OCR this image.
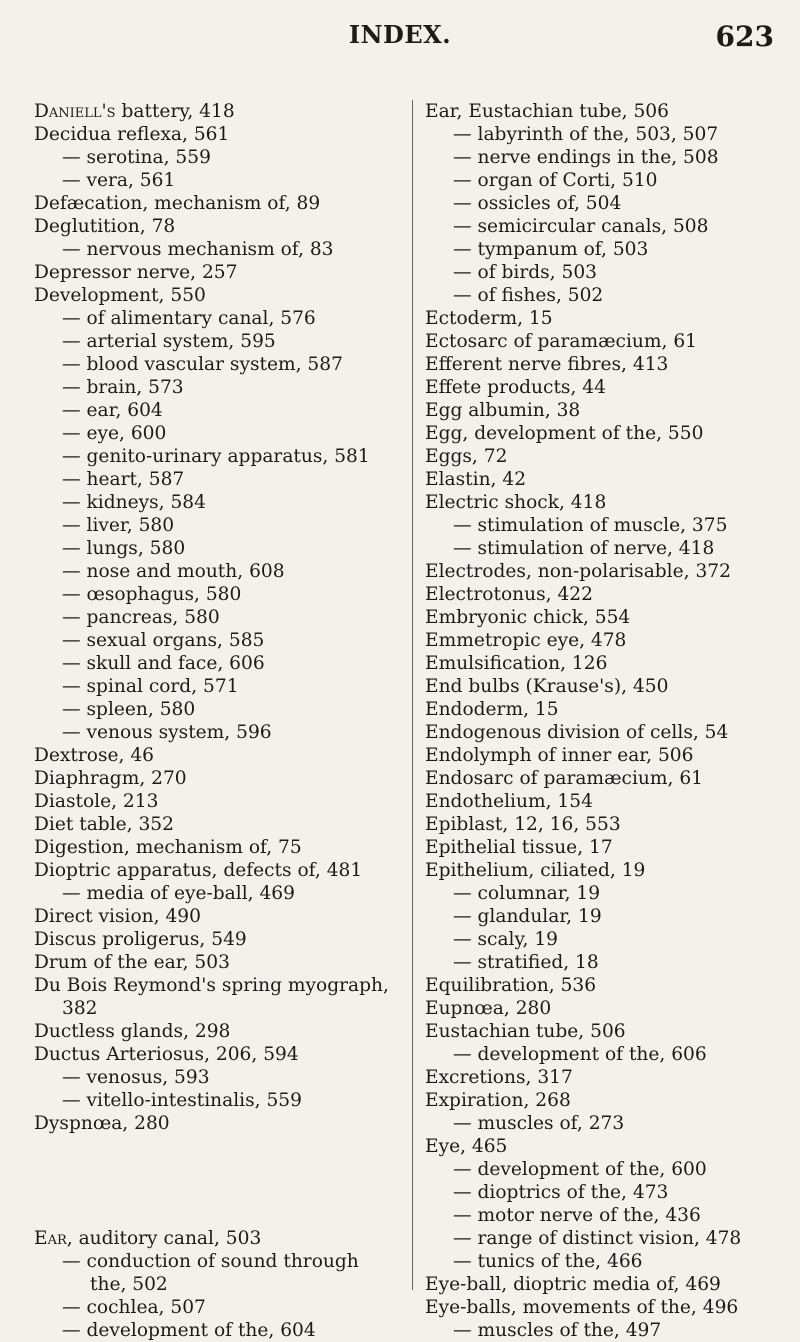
INDEX.	623
Daniell's battery, 418
Decidua reflexa, 561
— serotina, 559
— vera, 561
Defæcation, mechanism of, 89
Deglutition, 78
— nervous mechanism of, 83
Depressor nerve, 257
Development, 550
— of alimentary canal, 576
— arterial system, 595
— blood vascular system, 587
— brain, 573
— ear, 604
— eye, 600
— genito-urinary apparatus, 581
— heart, 587
— kidneys, 584
— liver, 580
— lungs, 580
— nose and mouth, 608
— œsophagus, 580
— pancreas, 580
— sexual organs, 585
— skull and face, 606
— spinal cord, 571
— spleen, 580
— venous system, 596
Dextrose, 46
Diaphragm, 270
Diastole, 213
Diet table, 352
Digestion, mechanism of, 75
Dioptric apparatus, defects of, 481
— media of eye-ball, 469
Direct vision, 490
Discus proligerus, 549
Drum of the ear, 503
Du Bois Reymond's spring myograph,
382
Ductless glands, 298
Ductus Arteriosus, 206, 594
— venosus, 593
— vitello-intestinalis, 559
Dyspnœa, 280
Ear, auditory canal, 503
— conduction of sound through
the, 502
— cochlea, 507
— development of the, 604
Ear, Eustachian tube, 506
— labyrinth of the, 503, 507
— nerve endings in the, 508
— organ of Corti, 510
— ossicles of, 504
— semicircular canals, 508
— tympanum of, 503
— of birds, 503
— of fishes, 502
Ectoderm, 15
Ectosarc of paramæcium, 61
Efferent nerve fibres, 413
Effete products, 44
Egg albumin, 38
Egg, development of the, 550
Eggs, 72
Elastin, 42
Electric shock, 418
— stimulation of muscle, 375
— stimulation of nerve, 418
Electrodes, non-polarisable, 372
Electrotonus, 422
Embryonic chick, 554
Emmetropic eye, 478
Emulsification, 126
End bulbs (Krause's), 450
Endoderm, 15
Endogenous division of cells, 54
Endolymph of inner ear, 506
Endosarc of paramæcium, 61
Endothelium, 154
Epiblast, 12, 16, 553
Epithelial tissue, 17
Epithelium, ciliated, 19
— columnar, 19
— glandular, 19
— scaly, 19
— stratified, 18
Equilibration, 536
Eupnœa, 280
Eustachian tube, 506
— development of the, 606
Excretions, 317
Expiration, 268
— muscles of, 273
Eye, 465
— development of the, 600
— dioptrics of the, 473
— motor nerve of the, 436
— range of distinct vision, 478
— tunics of the, 466
Eye-ball, dioptric media of, 469
Eye-balls, movements of the, 496
— muscles of the, 497
